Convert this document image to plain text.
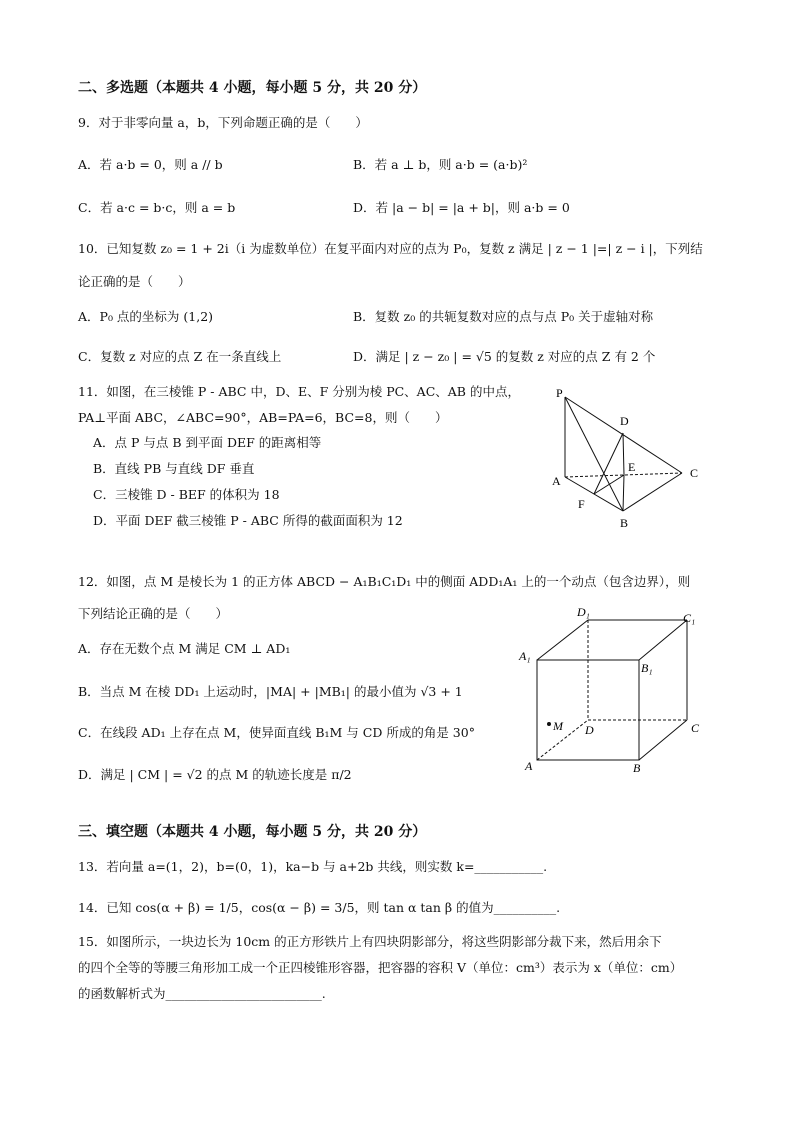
二、多选题（本题共 4 小题，每小题 5 分，共 20 分）
9．对于非零向量 a，b，下列命题正确的是（　　）
A．若 a·b = 0，则 a // b	B．若 a ⊥ b，则 a·b = (a·b)²
C．若 a·c = b·c，则 a = b	D．若 |a − b| = |a + b|，则 a·b = 0
10．已知复数 z₀ = 1 + 2i（i 为虚数单位）在复平面内对应的点为 P₀，复数 z 满足 | z − 1 |=| z − i |，下列结
论正确的是（　　）
A．P₀ 点的坐标为 (1,2)	B．复数 z₀ 的共轭复数对应的点与点 P₀ 关于虚轴对称
C．复数 z 对应的点 Z 在一条直线上	D．满足 | z − z₀ | = √5 的复数 z 对应的点 Z 有 2 个
11．如图，在三棱锥 P - ABC 中，D、E、F 分别为棱 PC、AC、AB 的中点，
PA⊥平面 ABC，∠ABC=90°，AB=PA=6，BC=8，则（　　）
A．点 P 与点 B 到平面 DEF 的距离相等
B．直线 PB 与直线 DF 垂直
C．三棱锥 D - BEF 的体积为 18
D．平面 DEF 截三棱锥 P - ABC 所得的截面面积为 12
P
D
E	C
A
F
B
12．如图，点 M 是棱长为 1 的正方体 ABCD − A₁B₁C₁D₁ 中的侧面 ADD₁A₁ 上的一个动点（包含边界），则
下列结论正确的是（　　）
A．存在无数个点 M 满足 CM ⊥ AD₁
B．当点 M 在棱 DD₁ 上运动时，|MA| + |MB₁| 的最小值为 √3 + 1
C．在线段 AD₁ 上存在点 M，使异面直线 B₁M 与 CD 所成的角是 30°
D．满足 | CM | = √2 的点 M 的轨迹长度是 π/2
D₁	C₁
A₁
B₁
M D	C
A	B
三、填空题（本题共 4 小题，每小题 5 分，共 20 分）
13．若向量 a=(1，2)，b=(0，1)，ka−b 与 a+2b 共线，则实数 k=___________.
14．已知 cos(α + β) = 1/5，cos(α − β) = 3/5，则 tan α tan β 的值为__________.
15．如图所示，一块边长为 10cm 的正方形铁片上有四块阴影部分，将这些阴影部分裁下来，然后用余下
的四个全等的等腰三角形加工成一个正四棱锥形容器，把容器的容积 V（单位：cm³）表示为 x（单位：cm）
的函数解析式为_________________________.
